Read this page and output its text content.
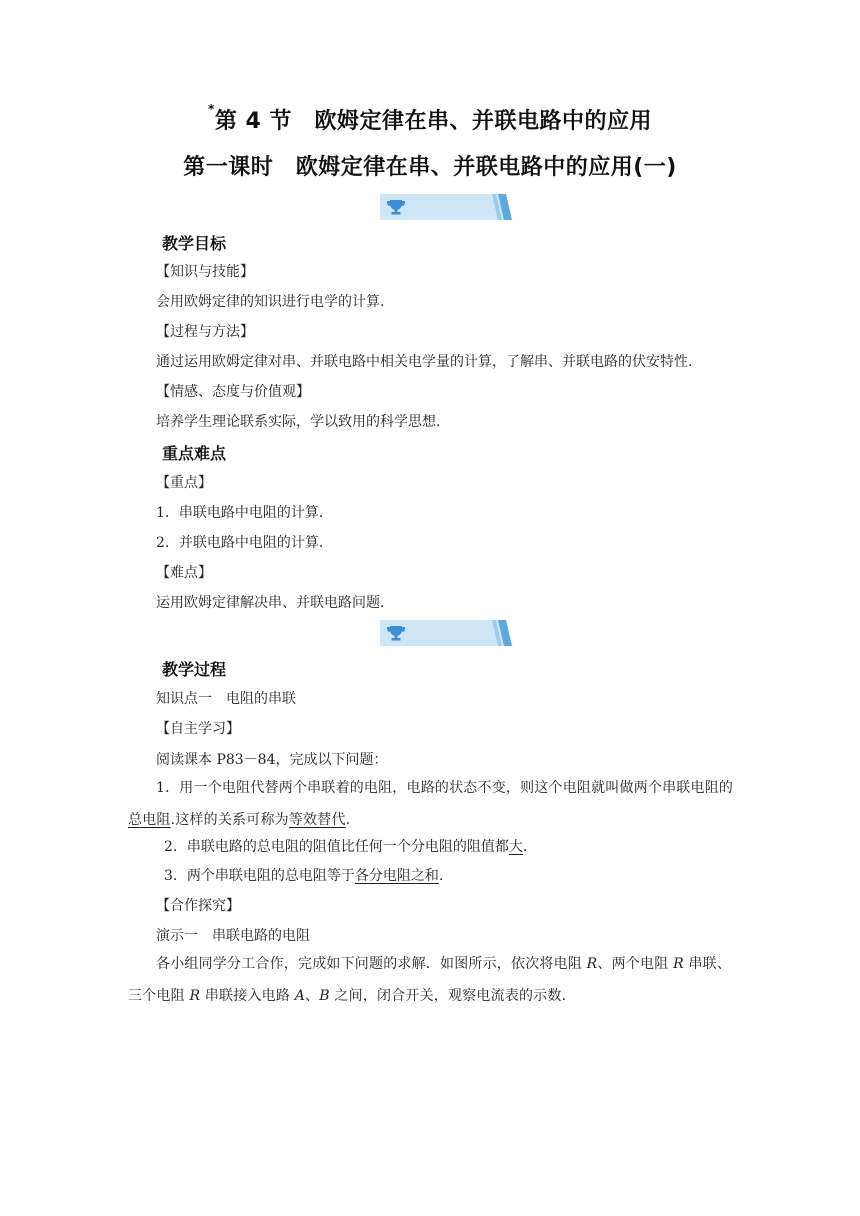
*第 4 节　欧姆定律在串、并联电路中的应用
第一课时　欧姆定律在串、并联电路中的应用(一)
教学目标
【知识与技能】
会用欧姆定律的知识进行电学的计算.
【过程与方法】
通过运用欧姆定律对串、并联电路中相关电学量的计算，了解串、并联电路的伏安特性.
【情感、态度与价值观】
培养学生理论联系实际，学以致用的科学思想.
重点难点
【重点】
1．串联电路中电阻的计算.
2．并联电路中电阻的计算.
【难点】
运用欧姆定律解决串、并联电路问题.
教学过程
知识点一　电阻的串联
【自主学习】
阅读课本 P83－84，完成以下问题：
1．用一个电阻代替两个串联着的电阻，电路的状态不变，则这个电阻就叫做两个串联电阻的总电阻.这样的关系可称为等效替代.
2．串联电路的总电阻的阻值比任何一个分电阻的阻值都大.
3．两个串联电阻的总电阻等于各分电阻之和.
【合作探究】
演示一　串联电路的电阻
各小组同学分工合作，完成如下问题的求解．如图所示，依次将电阻 R、两个电阻 R 串联、三个电阻 R 串联接入电路 A、B 之间，闭合开关，观察电流表的示数.
